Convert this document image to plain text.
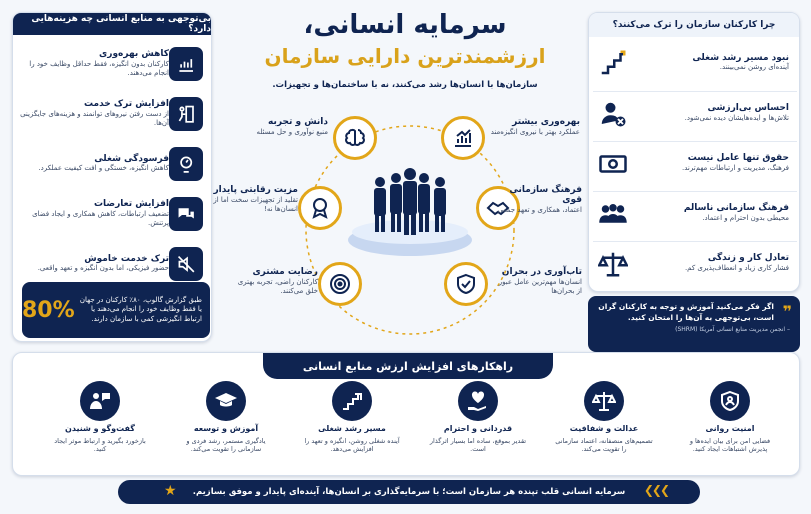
بی‌توجهی به منابع انسانی چه هزینه‌هایی دارد؟
کاهش بهره‌وری
کارکنان بدون انگیزه، فقط حداقل وظایف خود را انجام می‌دهند.
افزایش ترک خدمت
از دست رفتن نیروهای توانمند و هزینه‌های جایگزینی آن‌ها.
فرسودگی شغلی
کاهش انگیزه، خستگی و افت کیفیت عملکرد.
افزایش تعارضات
تضعیف ارتباطات، کاهش همکاری و ایجاد فضای پرتنش.
ترک خدمت خاموش
حضور فیزیکی، اما بدون انگیزه و تعهد واقعی.
طبق گزارش گالوپ، ۸۰٪ کارکنان در جهان یا فقط وظایف خود را انجام می‌دهند یا ارتباط انگیزشی کمی با سازمان دارند.
80%
سرمایه انسانی،
ارزشمندترین دارایی سازمان
سازمان‌ها با انسان‌ها رشد می‌کنند، نه با ساختمان‌ها و تجهیزات.
دانش و تجربه
منبع نوآوری و حل مسئله
بهره‌وری بیشتر
عملکرد بهتر با نیروی انگیزه‌مند
مزیت رقابتی پایدار
تقلید از تجهیزات سخت اما از انسان‌ها نه!
فرهنگ سازمانی قوی
اعتماد، همکاری و تعهد جمعی
رضایت مشتری
کارکنان راضی، تجربه بهتری خلق می‌کنند.
تاب‌آوری در بحران
انسان‌ها مهم‌ترین عامل عبور از بحران‌ها
چرا کارکنان سازمان را ترک می‌کنند؟
نبود مسیر رشد شغلی
آینده‌ای روشن نمی‌بینند.
احساس بی‌ارزشی
تلاش‌ها و ایده‌هایشان دیده نمی‌شود.
حقوق تنها عامل نیست
فرهنگ، مدیریت و ارتباطات مهم‌ترند.
فرهنگ سازمانی ناسالم
محیطی بدون احترام و اعتماد.
تعادل کار و زندگی
فشار کاری زیاد و انعطاف‌پذیری کم.
❞
اگر فکر می‌کنید آموزش و توجه به کارکنان گران است، بی‌توجهی به آن‌ها را امتحان کنید.
– انجمن مدیریت منابع انسانی آمریکا (SHRM)
راهکارهای افزایش ارزش منابع انسانی
امنیت روانی
فضایی امن برای بیان ایده‌ها و پذیرش اشتباهات ایجاد کنید.
عدالت و شفافیت
تصمیم‌های منصفانه، اعتماد سازمانی را تقویت می‌کند.
قدردانی و احترام
تقدیر بموقع، ساده اما بسیار اثرگذار است.
مسیر رشد شغلی
آینده شغلی روشن، انگیزه و تعهد را افزایش می‌دهد.
آموزش و توسعه
یادگیری مستمر، رشد فردی و سازمانی را تقویت می‌کند.
گفت‌وگو و شنیدن
بازخورد بگیرید و ارتباط موثر ایجاد کنید.
❯❯❯
سرمایه انسانی قلب تپنده هر سازمان است؛ با سرمایه‌گذاری بر انسان‌ها، آینده‌ای پایدار و موفق بسازیم.
★
